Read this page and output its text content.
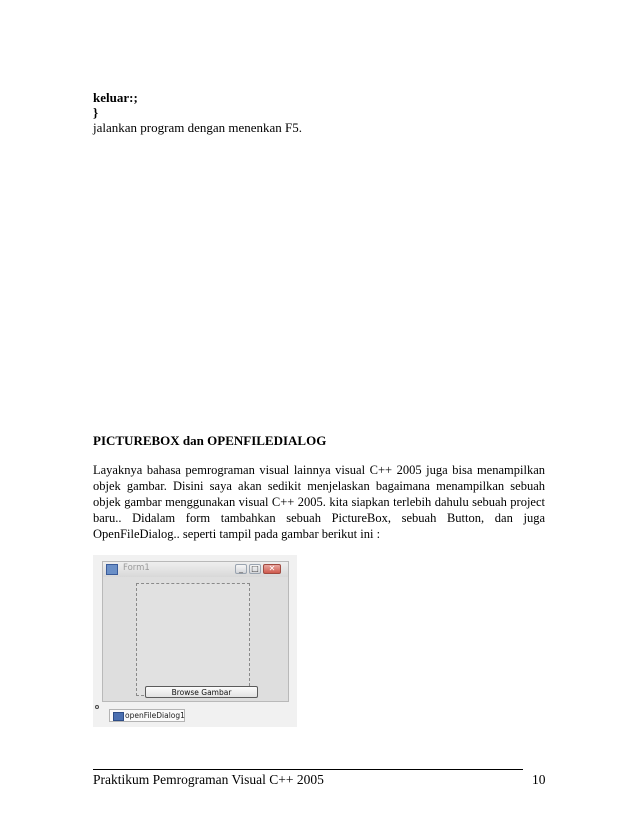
keluar:;
}
jalankan program dengan menenkan F5.
PICTUREBOX dan OPENFILEDIALOG
Layaknya bahasa pemrograman visual lainnya visual C++ 2005 juga bisa menampilkan objek gambar. Disini saya akan sedikit menjelaskan bagaimana menampilkan sebuah objek gambar menggunakan visual C++ 2005. kita siapkan terlebih dahulu sebuah project baru.. Didalam form tambahkan sebuah PictureBox, sebuah Button, dan juga OpenFileDialog.. seperti tampil pada gambar berikut ini :
Form1	_	□	✕
Browse Gambar
openFileDialog1
Praktikum Pemrograman Visual C++ 2005	10
